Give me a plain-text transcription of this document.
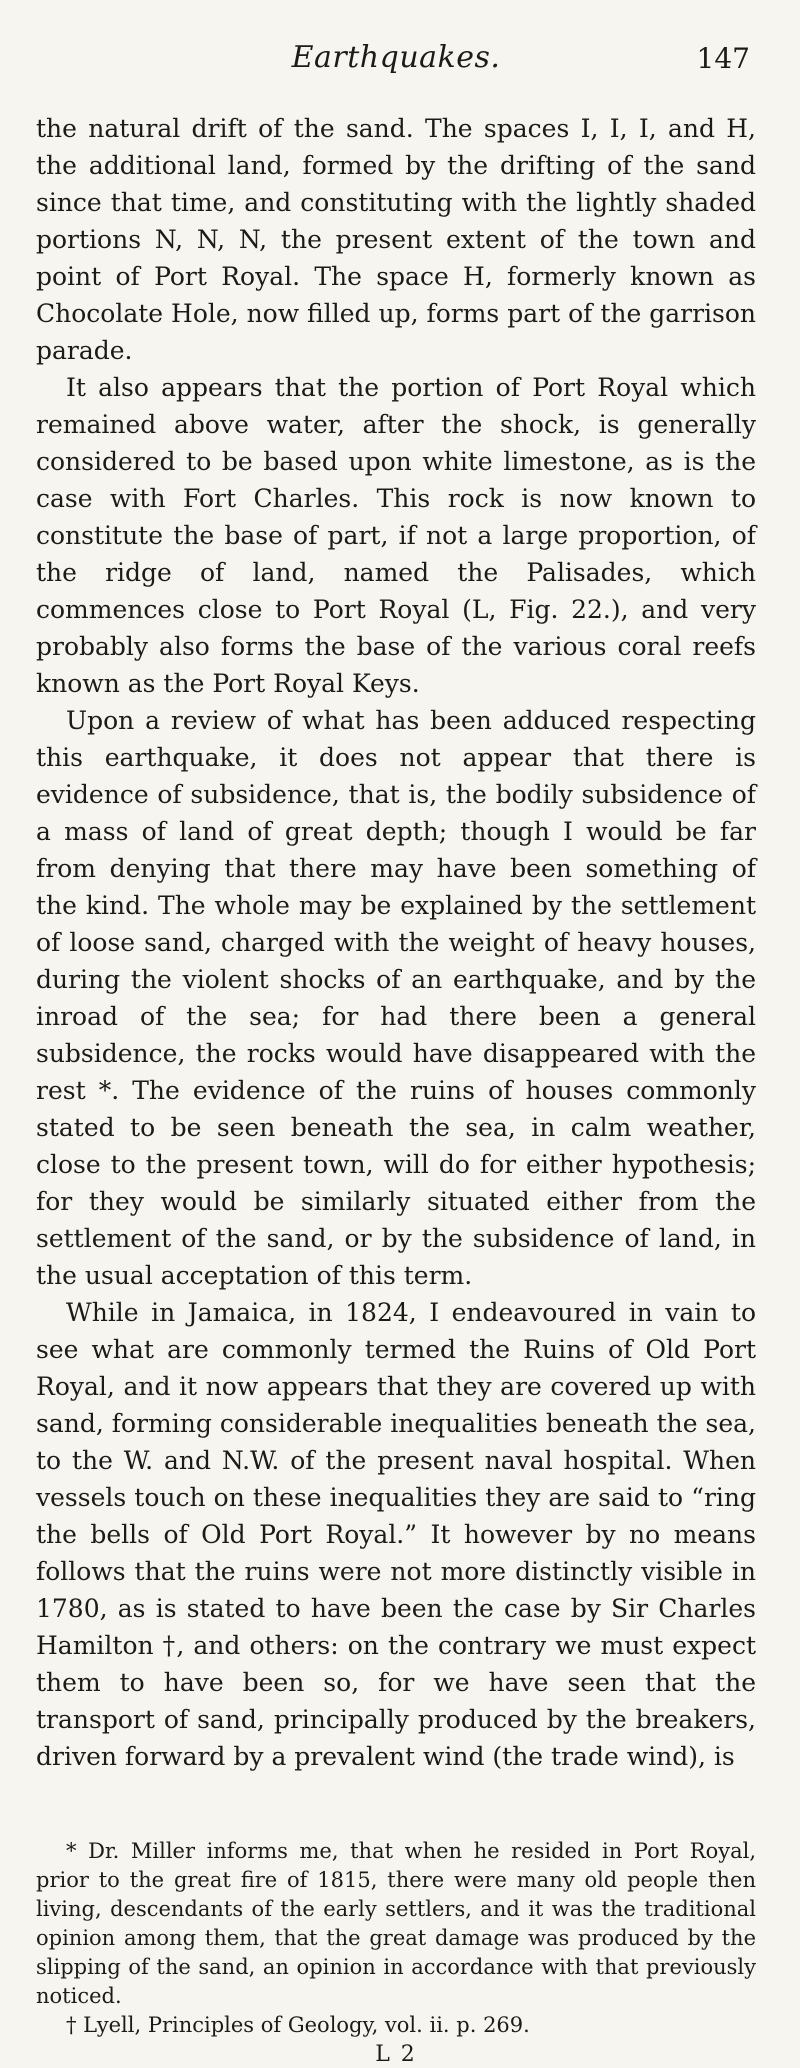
Earthquakes.	147

the natural drift of the sand. The spaces I, I, I, and H, the additional land, formed by the drifting of the sand since that time, and constituting with the lightly shaded portions N, N, N, the present extent of the town and point of Port Royal. The space H, formerly known as Chocolate Hole, now filled up, forms part of the garrison parade.

It also appears that the portion of Port Royal which remained above water, after the shock, is generally considered to be based upon white limestone, as is the case with Fort Charles. This rock is now known to constitute the base of part, if not a large proportion, of the ridge of land, named the Palisades, which commences close to Port Royal (L, Fig. 22.), and very probably also forms the base of the various coral reefs known as the Port Royal Keys.

Upon a review of what has been adduced respecting this earthquake, it does not appear that there is evidence of subsidence, that is, the bodily subsidence of a mass of land of great depth; though I would be far from denying that there may have been something of the kind. The whole may be explained by the settlement of loose sand, charged with the weight of heavy houses, during the violent shocks of an earthquake, and by the inroad of the sea; for had there been a general subsidence, the rocks would have disappeared with the rest *. The evidence of the ruins of houses commonly stated to be seen beneath the sea, in calm weather, close to the present town, will do for either hypothesis; for they would be similarly situated either from the settlement of the sand, or by the subsidence of land, in the usual acceptation of this term.

While in Jamaica, in 1824, I endeavoured in vain to see what are commonly termed the Ruins of Old Port Royal, and it now appears that they are covered up with sand, forming considerable inequalities beneath the sea, to the W. and N.W. of the present naval hospital. When vessels touch on these inequalities they are said to “ring the bells of Old Port Royal.” It however by no means follows that the ruins were not more distinctly visible in 1780, as is stated to have been the case by Sir Charles Hamilton †, and others: on the contrary we must expect them to have been so, for we have seen that the transport of sand, principally produced by the breakers, driven forward by a prevalent wind (the trade wind), is

* Dr. Miller informs me, that when he resided in Port Royal, prior to the great fire of 1815, there were many old people then living, descendants of the early settlers, and it was the traditional opinion among them, that the great damage was produced by the slipping of the sand, an opinion in accordance with that previously noticed.

† Lyell, Principles of Geology, vol. ii. p. 269.

L 2
